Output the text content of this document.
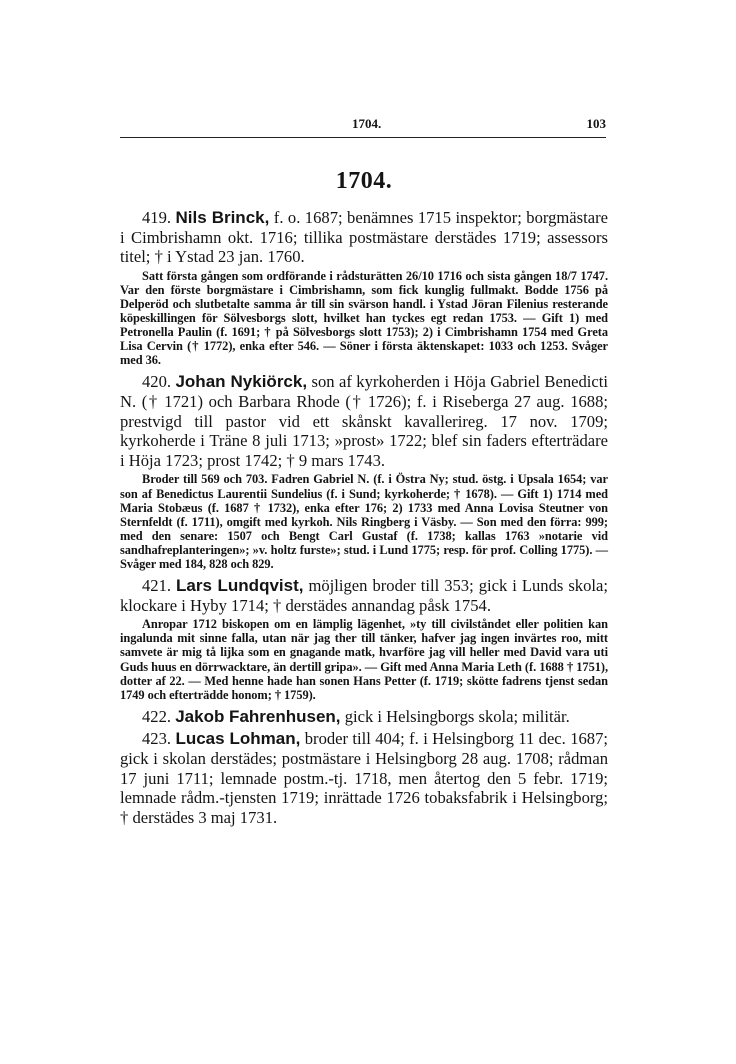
1704.	103
1704.

419. Nils Brinck, f. o. 1687; benämnes 1715 inspektor; borgmästare i Cimbrishamn okt. 1716; tillika postmästare derstädes 1719; assessors titel; † i Ystad 23 jan. 1760.

Satt första gången som ordförande i rådsturätten 26/10 1716 och sista gången 18/7 1747. Var den förste borgmästare i Cimbrishamn, som fick kunglig fullmakt. Bodde 1756 på Delperöd och slutbetalte samma år till sin svärson handl. i Ystad Jöran Filenius resterande köpeskillingen för Sölvesborgs slott, hvilket han tyckes egt redan 1753. — Gift 1) med Petronella Paulin (f. 1691; † på Sölvesborgs slott 1753); 2) i Cimbrishamn 1754 med Greta Lisa Cervin († 1772), enka efter 546. — Söner i första äktenskapet: 1033 och 1253. Svåger med 36.

420. Johan Nykiörck, son af kyrkoherden i Höja Gabriel Benedicti N. († 1721) och Barbara Rhode († 1726); f. i Riseberga 27 aug. 1688; prestvigd till pastor vid ett skånskt kavallerireg. 17 nov. 1709; kyrkoherde i Träne 8 juli 1713; »prost» 1722; blef sin faders efterträdare i Höja 1723; prost 1742; † 9 mars 1743.

Broder till 569 och 703. Fadren Gabriel N. (f. i Östra Ny; stud. östg. i Upsala 1654; var son af Benedictus Laurentii Sundelius (f. i Sund; kyrkoherde; † 1678). — Gift 1) 1714 med Maria Stobæus (f. 1687 † 1732), enka efter 176; 2) 1733 med Anna Lovisa Steutner von Sternfeldt (f. 1711), omgift med kyrkoh. Nils Ringberg i Väsby. — Son med den förra: 999; med den senare: 1507 och Bengt Carl Gustaf (f. 1738; kallas 1763 »notarie vid sandhafreplanteringen»; »v. holtz furste»; stud. i Lund 1775; resp. för prof. Colling 1775). — Svåger med 184, 828 och 829.

421. Lars Lundqvist, möjligen broder till 353; gick i Lunds skola; klockare i Hyby 1714; † derstädes annandag påsk 1754.

Anropar 1712 biskopen om en lämplig lägenhet, »ty till civilståndet eller politien kan ingalunda mit sinne falla, utan när jag ther till tänker, hafver jag ingen invärtes roo, mitt samvete är mig tå lijka som en gnagande matk, hvarföre jag vill heller med David vara uti Guds huus en dörrwacktare, än dertill gripa». — Gift med Anna Maria Leth (f. 1688 † 1751), dotter af 22. — Med henne hade han sonen Hans Petter (f. 1719; skötte fadrens tjenst sedan 1749 och efterträdde honom; † 1759).

422. Jakob Fahrenhusen, gick i Helsingborgs skola; militär.

423. Lucas Lohman, broder till 404; f. i Helsingborg 11 dec. 1687; gick i skolan derstädes; postmästare i Helsingborg 28 aug. 1708; rådman 17 juni 1711; lemnade postm.-tj. 1718, men återtog den 5 febr. 1719; lemnade rådm.-tjensten 1719; inrättade 1726 tobaksfabrik i Helsingborg; † derstädes 3 maj 1731.
